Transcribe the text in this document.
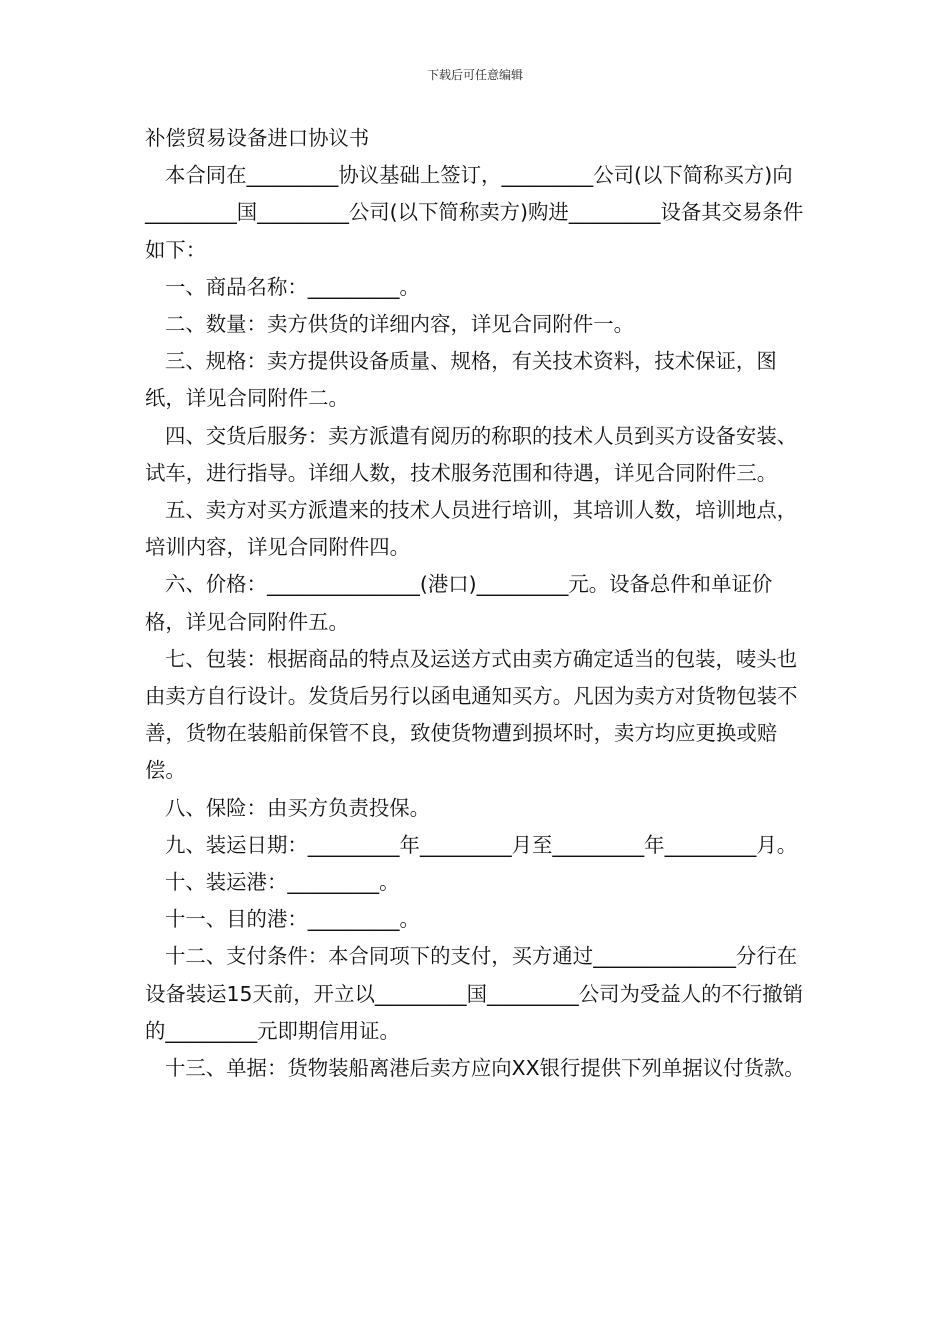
下载后可任意编辑

补偿贸易设备进口协议书

本合同在_________协议基础上签订，_________公司(以下简称买方)向_________国_________公司(以下简称卖方)购进_________设备其交易条件如下：

一、商品名称：_________。

二、数量：卖方供货的详细内容，详见合同附件一。

三、规格：卖方提供设备质量、规格，有关技术资料，技术保证，图纸，详见合同附件二。

四、交货后服务：卖方派遣有阅历的称职的技术人员到买方设备安装、试车，进行指导。详细人数，技术服务范围和待遇，详见合同附件三。

五、卖方对买方派遣来的技术人员进行培训，其培训人数，培训地点，培训内容，详见合同附件四。

六、价格：_______________(港口)_________元。设备总件和单证价格，详见合同附件五。

七、包装：根据商品的特点及运送方式由卖方确定适当的包装，唛头也由卖方自行设计。发货后另行以函电通知买方。凡因为卖方对货物包装不善，货物在装船前保管不良，致使货物遭到损坏时，卖方均应更换或赔偿。

八、保险：由买方负责投保。

九、装运日期：_________年_________月至_________年_________月。

十、装运港：_________。

十一、目的港：_________。

十二、支付条件：本合同项下的支付，买方通过______________分行在设备装运15天前，开立以_________国_________公司为受益人的不行撤销的_________元即期信用证。

十三、单据：货物装船离港后卖方应向XX银行提供下列单据议付货款。
